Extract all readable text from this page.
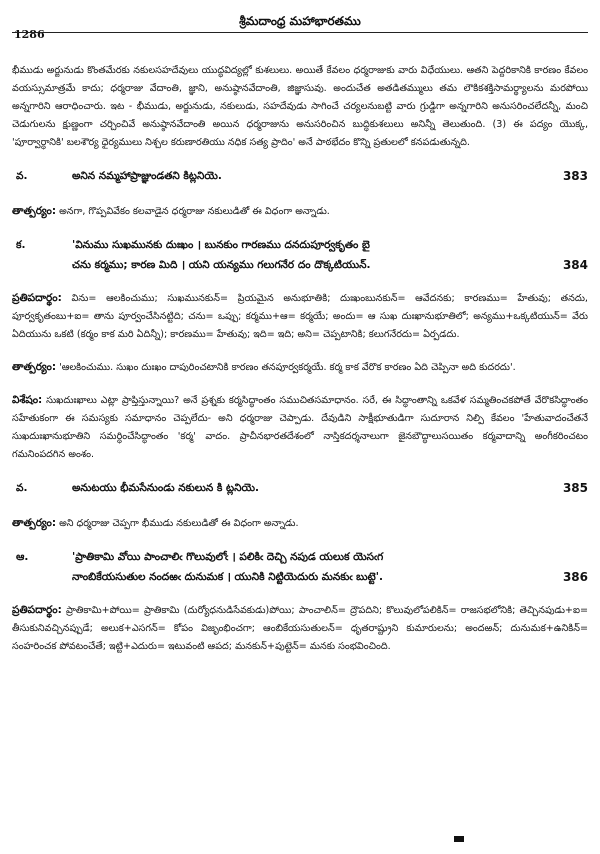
1286
శ్రీమదాంధ్ర మహాభారతము

భీముడు అర్జునుడు కొంతమేరకు నకులసహదేవులు యుద్ధవిద్యల్లో కుశలులు. అయితే కేవలం ధర్మరాజుకు వారు విధేయులు. ఆతని పెద్దరికానికి కారణం కేవలం వయస్సుమాత్రమే కాదు; ధర్మరాజు వేదాంతి, జ్ఞాని, అనుష్ఠానవేదాంతి, జిజ్ఞాసువు. అందుచేత అతడితమ్ములు తమ లౌకికశక్తిసామర్థ్యాలను మరపోయి అన్నగారిని ఆరాధించారు. ఇట - భీముడు, అర్జునుడు, నకులుడు, సహదేవుడు సాగించే చర్యలనుబట్టి వారు గ్రుడ్డిగా అన్నగారిని అనుసరించలేదన్నీ, మంచి చెడుగులను క్షుణ్ణంగా చర్చించివే అనుష్ఠానవేదాంతి అయిన ధర్మరాజును అనుసరించిన బుద్ధికుశలులు అనిన్నీ తెలుతుంది. (3) ఈ పద్యం యొక్క, 'పూర్వార్ధానికి' బలశౌర్య ధైర్యములు నిశ్చల కరుణారతియు నధిక సత్య ప్రాదిం' అనే పాఠభేదం కొన్ని ప్రతులలో కనపడుతున్నది.

వ.	అనిన నమ్మహాప్రాజ్ఞుండతని కిట్లనియె.	383

తాత్పర్యం: అనగా, గొప్పవివేకం కలవాడైన ధర్మరాజు నకులుడితో ఈ విధంగా అన్నాడు.

క.	'వినుము సుఖమునకు దుఃఖం । బునకుం గారణము దనదుపూర్వకృతం బై
చను కర్మము; కారణ మిది । యని యన్యము గలుగనేర దం దొక్కటియున్.	384

ప్రతిపదార్థం: విను= ఆలకించుము; సుఖమునకున్= ప్రియమైన అనుభూతికి; దుఃఖంబునకున్= ఆవేదనకు; కారణము= హేతువు; తనదు, పూర్వకృతంబు+ఐ= తాను పూర్వంచేసినట్టిది; చను= ఒప్పు; కర్మము+ఆ= కర్మయే; అందు= ఆ సుఖ దుఃఖానుభూతిలో; అన్యము+ఒక్కటియున్= వేరు ఏదియును ఒకటి (కర్మం కాక మరి ఏదిన్నీ); కారణము= హేతువు; ఇది= ఇది; అని= చెప్పటానికి; కలుగనేరదు= ఏర్పడదు.

తాత్పర్యం: 'ఆలకించుము. సుఖం దుఃఖం దాపురించటానికి కారణం తనపూర్వకర్మయే. కర్మ కాక వేరొక కారణం ఏది చెప్పినా అది కుదరదు'.

విశేషం: సుఖదుఃఖాలు ఎట్లా ప్రాప్తిస్తున్నాయి? అనే ప్రశ్నకు కర్మసిద్ధాంతం సముచితసమాధానం. సరే, ఈ సిద్ధాంతాన్ని ఒకవేళ సమ్మతించకపోతే వేరొకసిద్ధాంతం సహేతుకంగా ఈ సమస్యకు సమాధానం చెప్పలేదు- అని ధర్మరాజు చెప్పాడు. దేవుడిని సాక్షీభూతుడిగా సుదూరాన నిల్పి కేవలం 'హేతువాదంచేతనే సుఖదుఃఖానుభూతిని సమర్ధించేసిద్ధాంతం 'కర్మ' వాదం. ప్రాచీనభారతదేశంలో నాస్తికదర్శనాలుగా జైనబౌద్ధాలుసయితం కర్మవాదాన్ని అంగీకరించటం గమనింపదగిన అంశం.

వ.	అనుటయు భీమసేనుండు నకులున కి ట్లనియె.	385

తాత్పర్యం: అని ధర్మరాజు చెప్పగా భీముడు నకులుడితో ఈ విధంగా అన్నాడు.

ఆ.	'ప్రాతికామి వోయి పాంచాలిఁ గొలువులోఁ । పలికిఁ దెచ్చి నపుడ యలుక యెసఁగ
నాంబికేయసుతుల నందఱఁ దునుమక । యునికి నిట్టియెదురు మనకుఁ బుట్టె'.	386

ప్రతిపదార్థం: ప్రాతికామి+పోయి= ప్రాతికామి (దుర్యోధనుడిసేవకుడు)పోయి; పాంచాలిన్= ద్రౌపదిని; కొలువులోపలికిన్= రాజసభలోనికి; తెచ్చినపుడు+ఐ= తీసుకునివచ్చినప్పుడే; అలుక+ఎసగన్= కోపం విజృంభించగా; ఆంబికేయసుతులన్= ధృతరాష్ట్రుని కుమారులను; అందఱన్; దునుమక+ఉనికిన్= సంహరించక పోవటంచేతే; ఇట్టి+ఎదురు= ఇటువంటి ఆపద; మనకున్+పుట్టెన్= మనకు సంభవించింది.
